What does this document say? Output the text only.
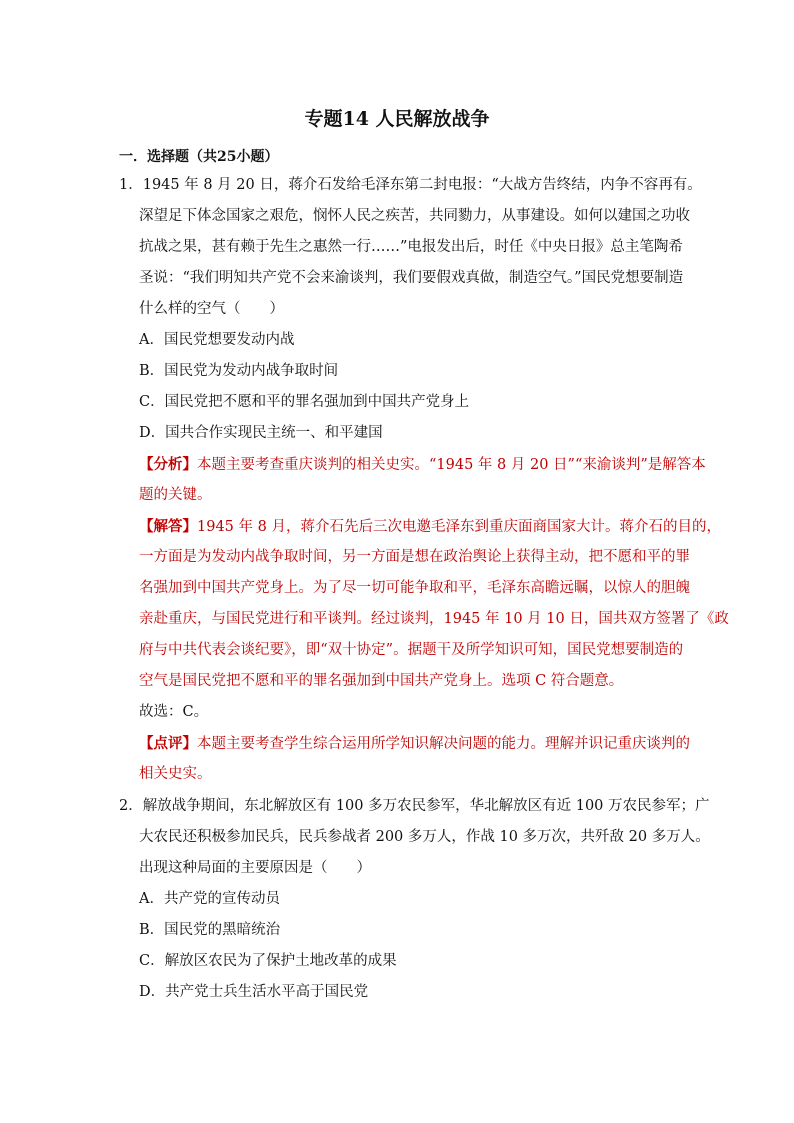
专题14 人民解放战争
一．选择题（共25小题）
1．1945 年 8 月 20 日，蒋介石发给毛泽东第二封电报：“大战方告终结，内争不容再有。
深望足下体念国家之艰危，悯怀人民之疾苦，共同勠力，从事建设。如何以建国之功收
抗战之果，甚有赖于先生之惠然一行……”电报发出后，时任《中央日报》总主笔陶希
圣说：“我们明知共产党不会来渝谈判，我们要假戏真做，制造空气。”国民党想要制造
什么样的空气（　　）
A．国民党想要发动内战
B．国民党为发动内战争取时间
C．国民党把不愿和平的罪名强加到中国共产党身上
D．国共合作实现民主统一、和平建国
【分析】本题主要考查重庆谈判的相关史实。“1945 年 8 月 20 日”“来渝谈判”是解答本
题的关键。
【解答】1945 年 8 月，蒋介石先后三次电邀毛泽东到重庆面商国家大计。蒋介石的目的，
一方面是为发动内战争取时间，另一方面是想在政治舆论上获得主动，把不愿和平的罪
名强加到中国共产党身上。为了尽一切可能争取和平，毛泽东高瞻远瞩，以惊人的胆魄
亲赴重庆，与国民党进行和平谈判。经过谈判，1945 年 10 月 10 日，国共双方签署了《政
府与中共代表会谈纪要》，即“双十协定”。据题干及所学知识可知，国民党想要制造的
空气是国民党把不愿和平的罪名强加到中国共产党身上。选项 C 符合题意。
故选：C。
【点评】本题主要考查学生综合运用所学知识解决问题的能力。理解并识记重庆谈判的
相关史实。
2．解放战争期间，东北解放区有 100 多万农民参军，华北解放区有近 100 万农民参军；广
大农民还积极参加民兵，民兵参战者 200 多万人，作战 10 多万次，共歼敌 20 多万人。
出现这种局面的主要原因是（　　）
A．共产党的宣传动员
B．国民党的黑暗统治
C．解放区农民为了保护土地改革的成果
D．共产党士兵生活水平高于国民党
